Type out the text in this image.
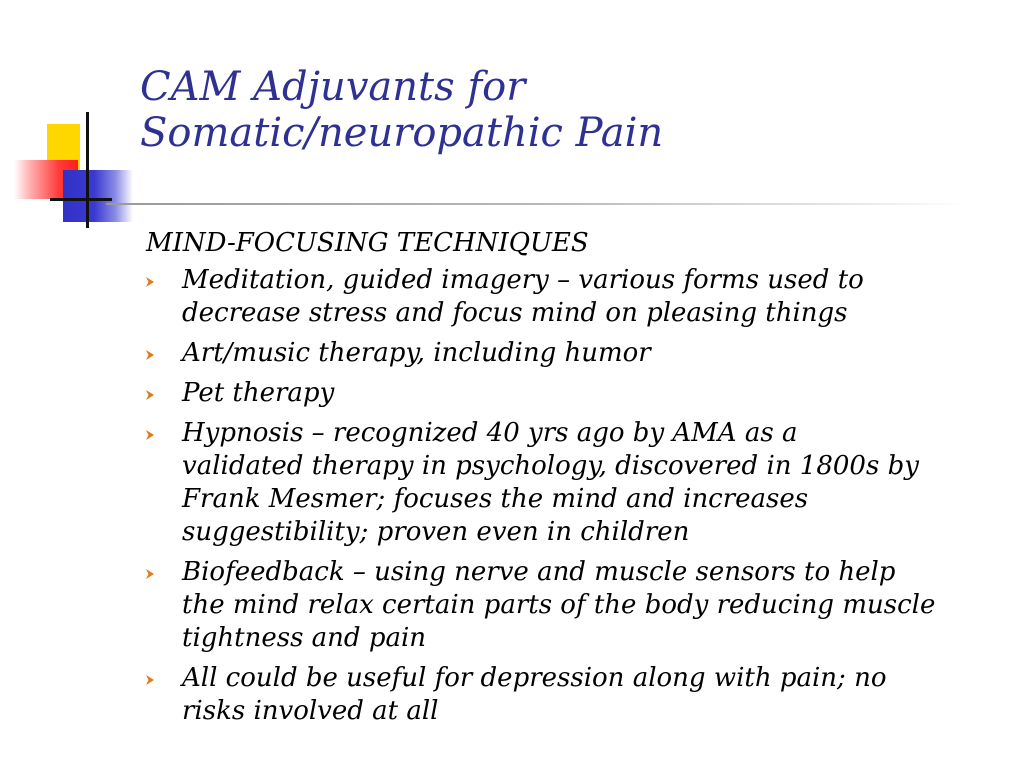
CAM Adjuvants for
Somatic/neuropathic Pain
MIND-FOCUSING TECHNIQUES
Meditation, guided imagery – various forms used to
decrease stress and focus mind on pleasing things
Art/music therapy, including humor
Pet therapy
Hypnosis – recognized 40 yrs ago by AMA as a
validated therapy in psychology, discovered in 1800s by
Frank Mesmer; focuses the mind and increases
suggestibility; proven even in children
Biofeedback – using nerve and muscle sensors to help
the mind relax certain parts of the body reducing muscle
tightness and pain
All could be useful for depression along with pain; no
risks involved at all
